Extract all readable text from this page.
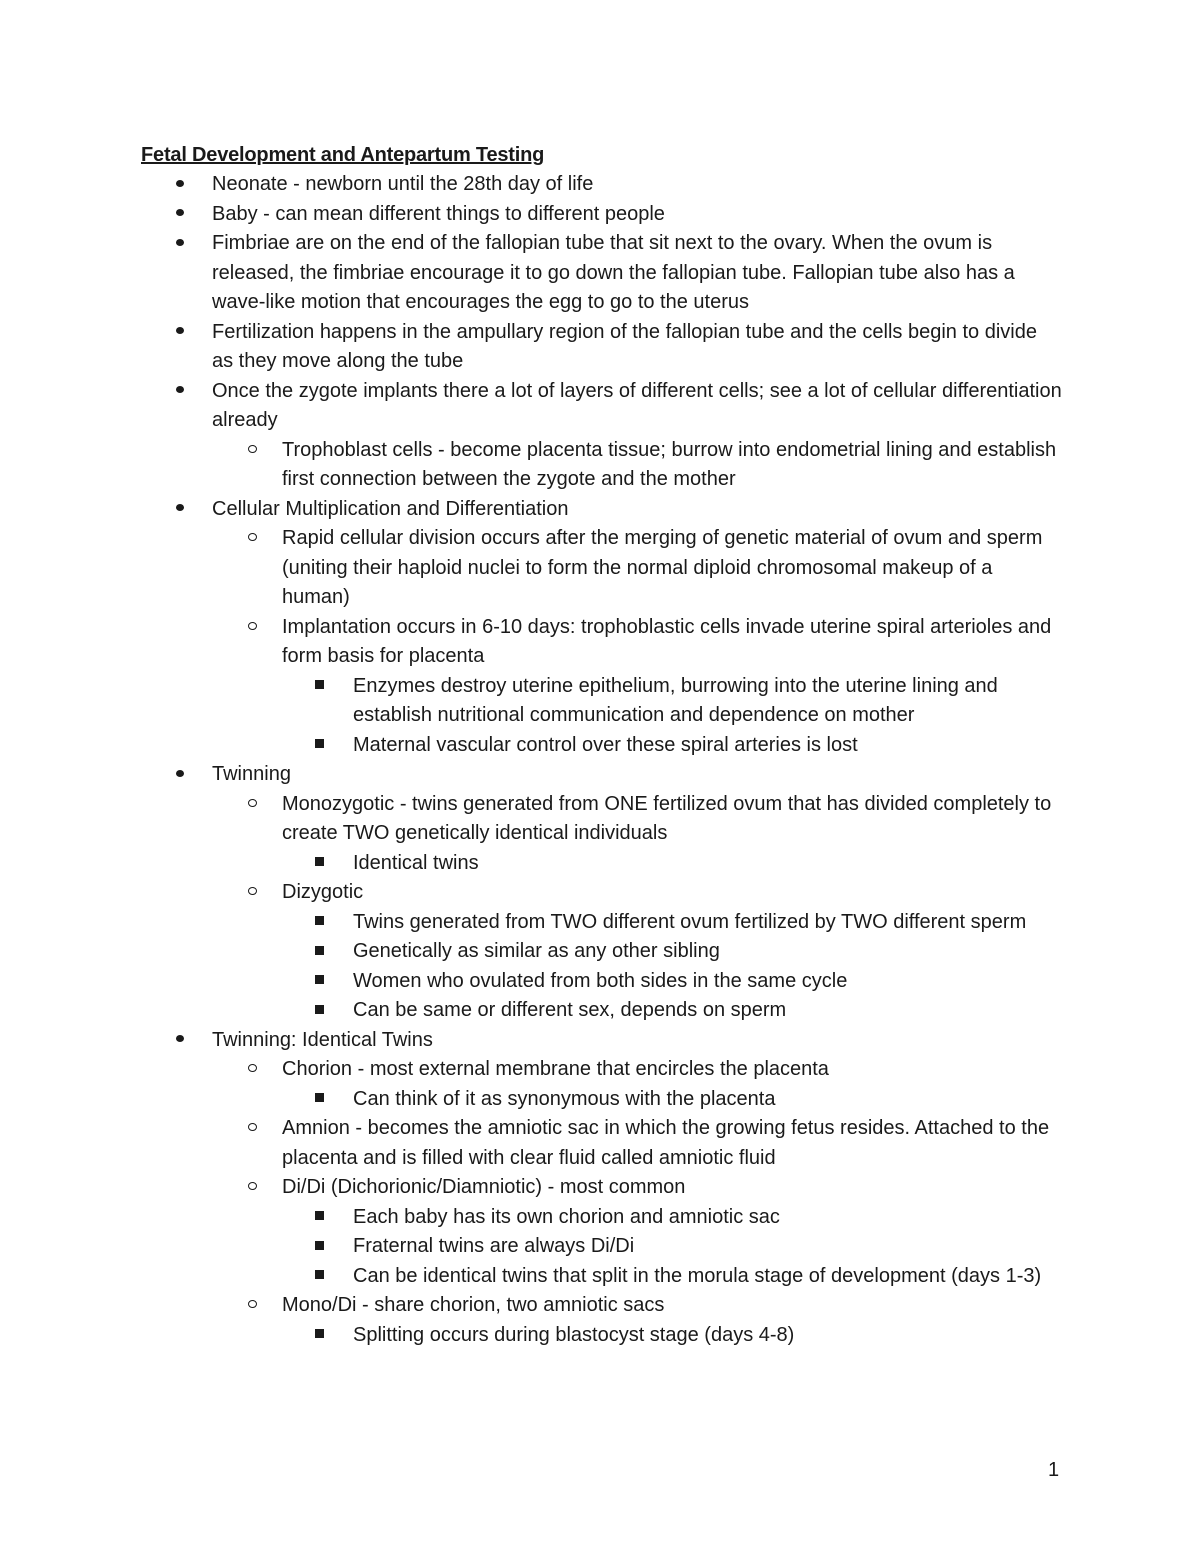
Fetal Development and Antepartum Testing
Neonate - newborn until the 28th day of life
Baby - can mean different things to different people
Fimbriae are on the end of the fallopian tube that sit next to the ovary. When the ovum is released, the fimbriae encourage it to go down the fallopian tube. Fallopian tube also has a wave-like motion that encourages the egg to go to the uterus
Fertilization happens in the ampullary region of the fallopian tube and the cells begin to divide as they move along the tube
Once the zygote implants there a lot of layers of different cells; see a lot of cellular differentiation already
Trophoblast cells - become placenta tissue; burrow into endometrial lining and establish first connection between the zygote and the mother
Cellular Multiplication and Differentiation
Rapid cellular division occurs after the merging of genetic material of ovum and sperm (uniting their haploid nuclei to form the normal diploid chromosomal makeup of a human)
Implantation occurs in 6-10 days: trophoblastic cells invade uterine spiral arterioles and form basis for placenta
Enzymes destroy uterine epithelium, burrowing into the uterine lining and establish nutritional communication and dependence on mother
Maternal vascular control over these spiral arteries is lost
Twinning
Monozygotic - twins generated from ONE fertilized ovum that has divided completely to create TWO genetically identical individuals
Identical twins
Dizygotic
Twins generated from TWO different ovum fertilized by TWO different sperm
Genetically as similar as any other sibling
Women who ovulated from both sides in the same cycle
Can be same or different sex, depends on sperm
Twinning: Identical Twins
Chorion - most external membrane that encircles the placenta
Can think of it as synonymous with the placenta
Amnion - becomes the amniotic sac in which the growing fetus resides. Attached to the placenta and is filled with clear fluid called amniotic fluid
Di/Di (Dichorionic/Diamniotic) - most common
Each baby has its own chorion and amniotic sac
Fraternal twins are always Di/Di
Can be identical twins that split in the morula stage of development (days 1-3)
Mono/Di - share chorion, two amniotic sacs
Splitting occurs during blastocyst stage (days 4-8)
1
